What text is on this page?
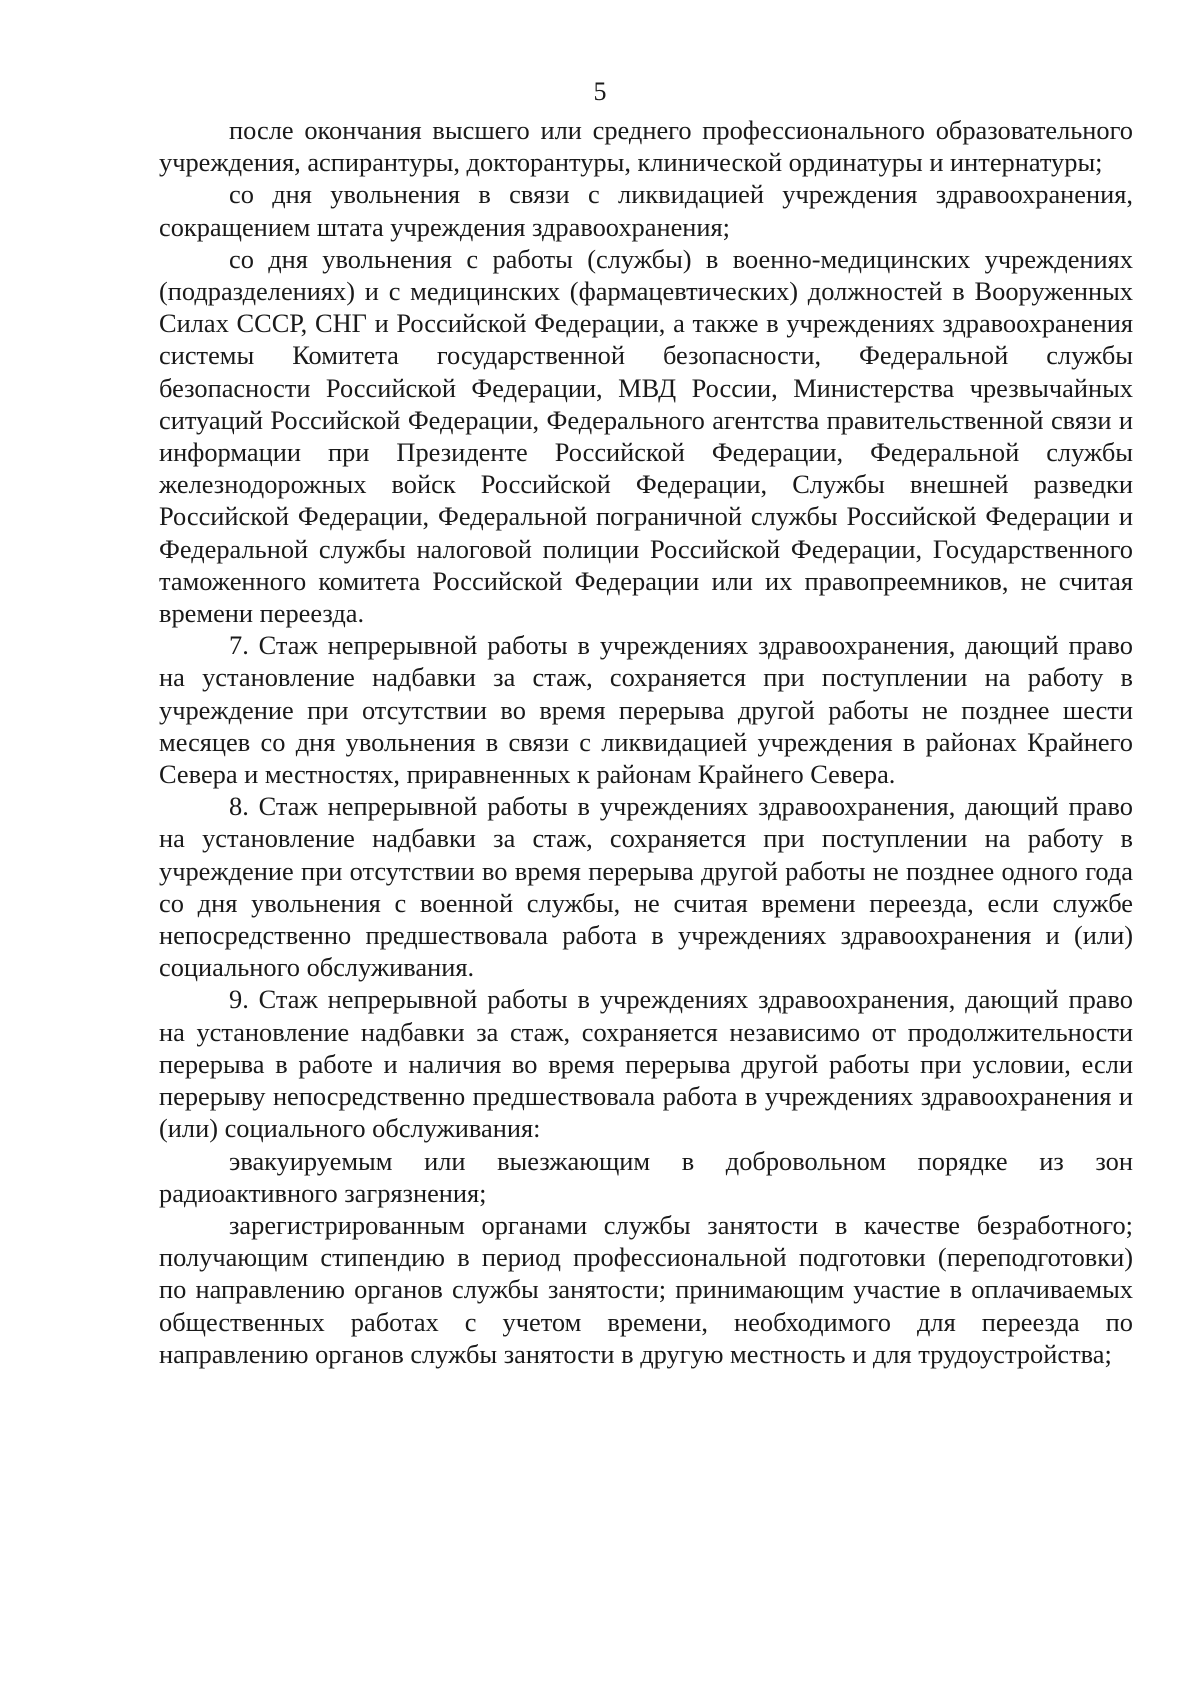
5

после окончания высшего или среднего профессионального образовательного учреждения, аспирантуры, докторантуры, клинической ординатуры и интернатуры;

со дня увольнения в связи с ликвидацией учреждения здравоохранения, сокращением штата учреждения здравоохранения;

со дня увольнения с работы (службы) в военно-медицинских учреждениях (подразделениях) и с медицинских (фармацевтических) должностей в Вооруженных Силах СССР, СНГ и Российской Федерации, а также в учреждениях здравоохранения системы Комитета государственной безопасности, Федеральной службы безопасности Российской Федерации, МВД России, Министерства чрезвычайных ситуаций Российской Федерации, Федерального агентства правительственной связи и информации при Президенте Российской Федерации, Федеральной службы железнодорожных войск Российской Федерации, Службы внешней разведки Российской Федерации, Федеральной пограничной службы Российской Федерации и Федеральной службы налоговой полиции Российской Федерации, Государственного таможенного комитета Российской Федерации или их правопреемников, не считая времени переезда.

7. Стаж непрерывной работы в учреждениях здравоохранения, дающий право на установление надбавки за стаж, сохраняется при поступлении на работу в учреждение при отсутствии во время перерыва другой работы не позднее шести месяцев со дня увольнения в связи с ликвидацией учреждения в районах Крайнего Севера и местностях, приравненных к районам Крайнего Севера.

8. Стаж непрерывной работы в учреждениях здравоохранения, дающий право на установление надбавки за стаж, сохраняется при поступлении на работу в учреждение при отсутствии во время перерыва другой работы не позднее одного года со дня увольнения с военной службы, не считая времени переезда, если службе непосредственно предшествовала работа в учреждениях здравоохранения и (или) социального обслуживания.

9. Стаж непрерывной работы в учреждениях здравоохранения, дающий право на установление надбавки за стаж, сохраняется независимо от продолжительности перерыва в работе и наличия во время перерыва другой работы при условии, если перерыву непосредственно предшествовала работа в учреждениях здравоохранения и (или) социального обслуживания:

эвакуируемым или выезжающим в добровольном порядке из зон радиоактивного загрязнения;

зарегистрированным органами службы занятости в качестве безработного; получающим стипендию в период профессиональной подготовки (переподготовки) по направлению органов службы занятости; принимающим участие в оплачиваемых общественных работах с учетом времени, необходимого для переезда по направлению органов службы занятости в другую местность и для трудоустройства;
